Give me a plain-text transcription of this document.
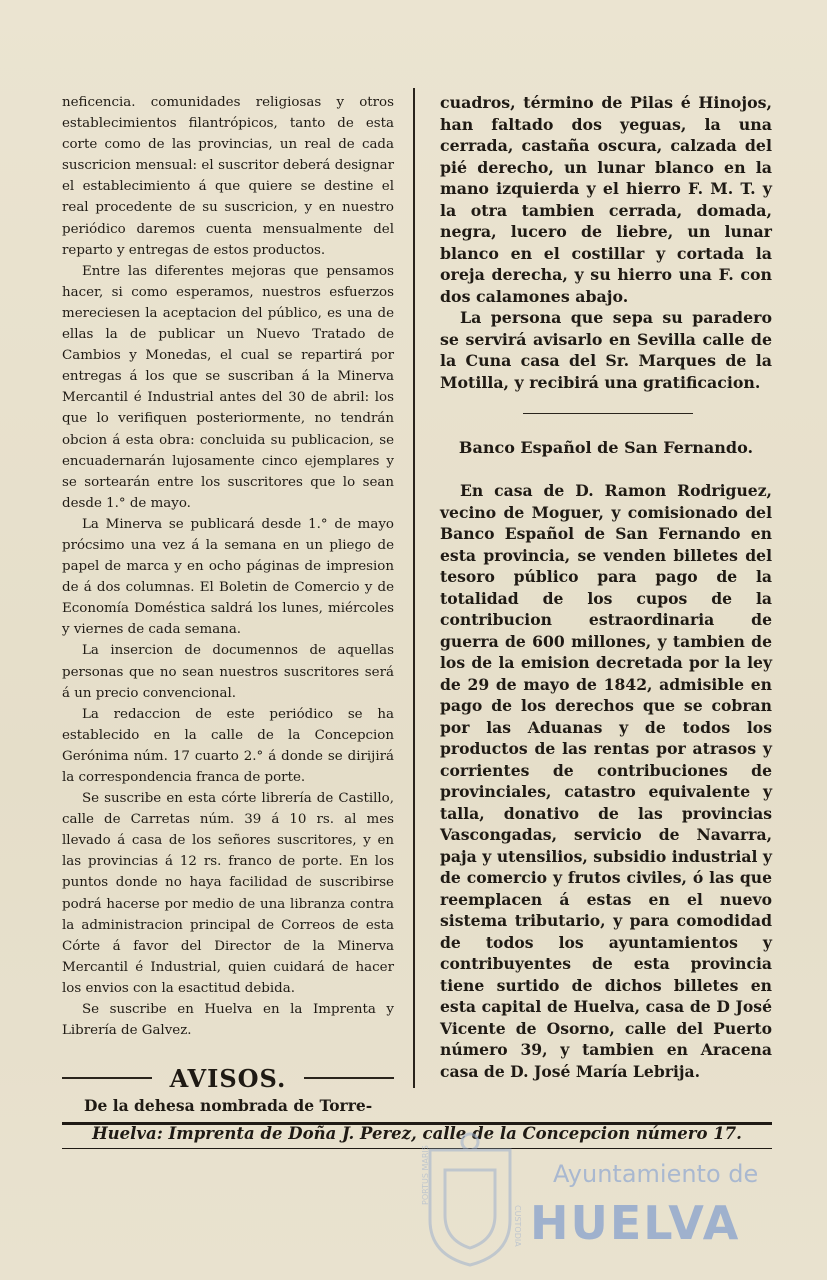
neficencia. comunidades religiosas y otros establecimientos filantrópicos, tanto de esta corte como de las provincias, un real de cada suscricion mensual: el suscritor deberá designar el establecimiento á que quiere se destine el real procedente de su suscricion, y en nuestro periódico daremos cuenta mensualmente del reparto y entregas de estos productos.

Entre las diferentes mejoras que pensamos hacer, si como esperamos, nuestros esfuerzos mereciesen la aceptacion del público, es una de ellas la de publicar un Nuevo Tratado de Cambios y Monedas, el cual se repartirá por entregas á los que se suscriban á la Minerva Mercantil é Industrial antes del 30 de abril: los que lo verifiquen posteriormente, no tendrán obcion á esta obra: concluida su publicacion, se encuadernarán lujosamente cinco ejemplares y se sortearán entre los suscritores que lo sean desde 1.° de mayo.

La Minerva se publicará desde 1.° de mayo prócsimo una vez á la semana en un pliego de papel de marca y en ocho páginas de impresion de á dos columnas. El Boletin de Comercio y de Economía Doméstica saldrá los lunes, miércoles y viernes de cada semana.

La insercion de documennos de aquellas personas que no sean nuestros suscritores será á un precio convencional.

La redaccion de este periódico se ha establecido en la calle de la Concepcion Gerónima núm. 17 cuarto 2.° á donde se dirijirá la correspondencia franca de porte.

Se suscribe en esta córte librería de Castillo, calle de Carretas núm. 39 á 10 rs. al mes llevado á casa de los señores suscritores, y en las provincias á 12 rs. franco de porte. En los puntos donde no haya facilidad de suscribirse podrá hacerse por medio de una libranza contra la administracion principal de Correos de esta Córte á favor del Director de la Minerva Mercantil é Industrial, quien cuidará de hacer los envios con la esactitud debida.

Se suscribe en Huelva en la Imprenta y Librería de Galvez.

AVISOS.
De la dehesa nombrada de Torre-

cuadros, término de Pilas é Hinojos, han faltado dos yeguas, la una cerrada, castaña oscura, calzada del pié derecho, un lunar blanco en la mano izquierda y el hierro F. M. T. y la otra tambien cerrada, domada, negra, lucero de liebre, un lunar blanco en el costillar y cortada la oreja derecha, y su hierro una F. con dos calamones abajo.

La persona que sepa su paradero se servirá avisarlo en Sevilla calle de la Cuna casa del Sr. Marques de la Motilla, y recibirá una gratificacion.

Banco Español de San Fernando.

En casa de D. Ramon Rodriguez, vecino de Moguer, y comisionado del Banco Español de San Fernando en esta provincia, se venden billetes del tesoro público para pago de la totalidad de los cupos de la contribucion estraordinaria de guerra de 600 millones, y tambien de los de la emision decretada por la ley de 29 de mayo de 1842, admisible en pago de los derechos que se cobran por las Aduanas y de todos los productos de las rentas por atrasos y corrientes de contribuciones de provinciales, catastro equivalente y talla, donativo de las provincias Vascongadas, servicio de Navarra, paja y utensilios, subsidio industrial y de comercio y frutos civiles, ó las que reemplacen á estas en el nuevo sistema tributario, y para comodidad de todos los ayuntamientos y contribuyentes de esta provincia tiene surtido de dichos billetes en esta capital de Huelva, casa de D José Vicente de Osorno, calle del Puerto número 39, y tambien en Aracena casa de D. José María Lebrija.

Huelva: Imprenta de Doña J. Perez, calle de la Concepcion número 17.
PORTUS MARIS
CUSTODIA
Ayuntamiento de
HUELVA
